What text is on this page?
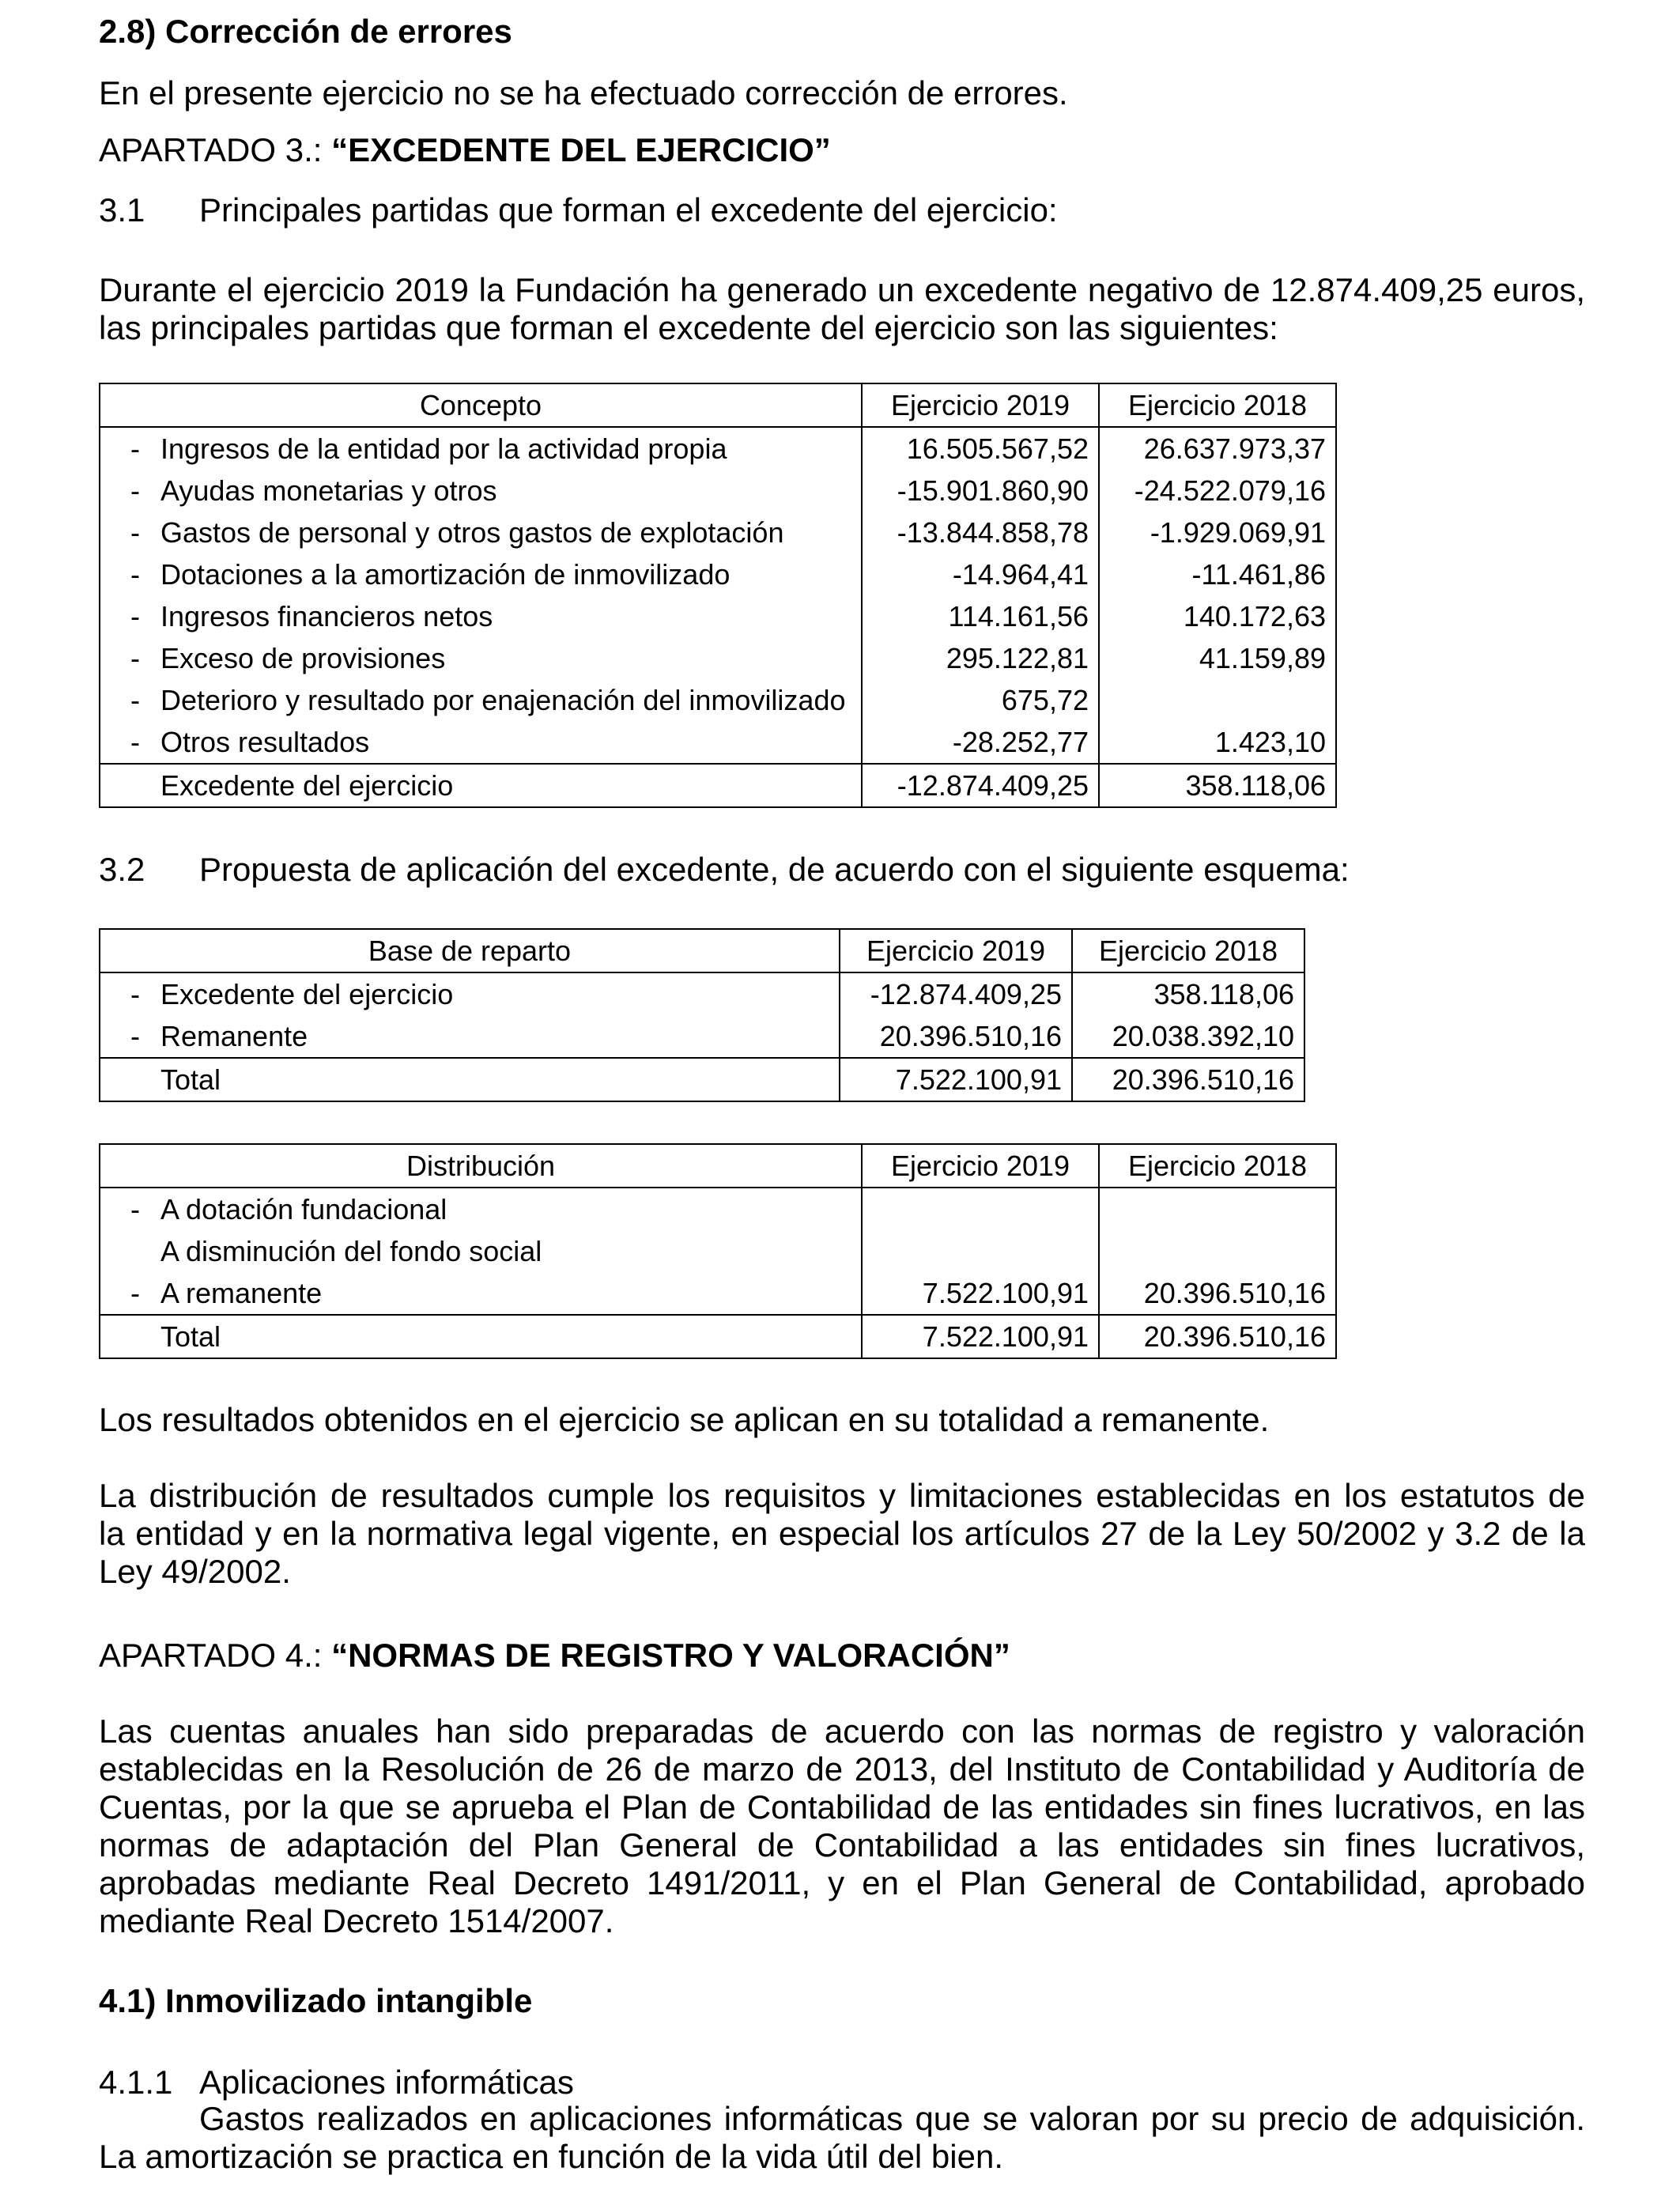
2.8) Corrección de errores
En el presente ejercicio no se ha efectuado corrección de errores.
APARTADO 3.: “EXCEDENTE DEL EJERCICIO”
3.1 Principales partidas que forman el excedente del ejercicio:
Durante el ejercicio 2019 la Fundación ha generado un excedente negativo de 12.874.409,25 euros,
las principales partidas que forman el excedente del ejercicio son las siguientes:
Concepto	Ejercicio 2019	Ejercicio 2018
- Ingresos de la entidad por la actividad propia	16.505.567,52	26.637.973,37
- Ayudas monetarias y otros	-15.901.860,90	-24.522.079,16
- Gastos de personal y otros gastos de explotación	-13.844.858,78	-1.929.069,91
- Dotaciones a la amortización de inmovilizado	-14.964,41	-11.461,86
- Ingresos financieros netos	114.161,56	140.172,63
- Exceso de provisiones	295.122,81	41.159,89
- Deterioro y resultado por enajenación del inmovilizado	675,72	
- Otros resultados	-28.252,77	1.423,10
Excedente del ejercicio	-12.874.409,25	358.118,06
3.2 Propuesta de aplicación del excedente, de acuerdo con el siguiente esquema:
Base de reparto	Ejercicio 2019	Ejercicio 2018
- Excedente del ejercicio	-12.874.409,25	358.118,06
- Remanente	20.396.510,16	20.038.392,10
Total	7.522.100,91	20.396.510,16
Distribución	Ejercicio 2019	Ejercicio 2018
- A dotación fundacional		
A disminución del fondo social		
- A remanente	7.522.100,91	20.396.510,16
Total	7.522.100,91	20.396.510,16
Los resultados obtenidos en el ejercicio se aplican en su totalidad a remanente.
La distribución de resultados cumple los requisitos y limitaciones establecidas en los estatutos de
la entidad y en la normativa legal vigente, en especial los artículos 27 de la Ley 50/2002 y 3.2 de la
Ley 49/2002.
APARTADO 4.: “NORMAS DE REGISTRO Y VALORACIÓN”
Las cuentas anuales han sido preparadas de acuerdo con las normas de registro y valoración
establecidas en la Resolución de 26 de marzo de 2013, del Instituto de Contabilidad y Auditoría de
Cuentas, por la que se aprueba el Plan de Contabilidad de las entidades sin fines lucrativos, en las
normas de adaptación del Plan General de Contabilidad a las entidades sin fines lucrativos,
aprobadas mediante Real Decreto 1491/2011, y en el Plan General de Contabilidad, aprobado
mediante Real Decreto 1514/2007.
4.1) Inmovilizado intangible
4.1.1 Aplicaciones informáticas
Gastos realizados en aplicaciones informáticas que se valoran por su precio de adquisición.
La amortización se practica en función de la vida útil del bien.
